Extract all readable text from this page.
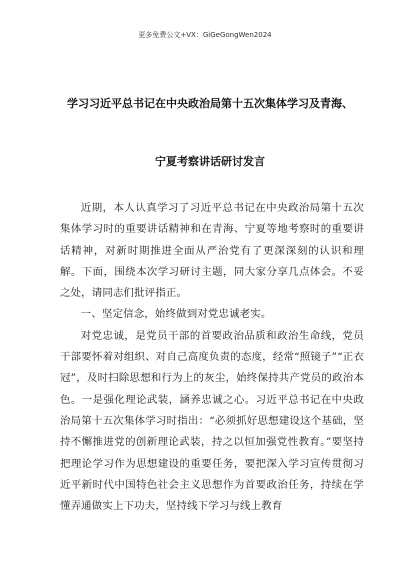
更多免费公文+VX：GiGeGongWen2024
学习习近平总书记在中央政治局第十五次集体学习及青海、
宁夏考察讲话研讨发言

近期，本人认真学习了习近平总书记在中央政治局第十五次集体学习时的重要讲话精神和在青海、宁夏等地考察时的重要讲话精神，对新时期推进全面从严治党有了更深深刻的认识和理解。下面，围绕本次学习研讨主题，同大家分享几点体会。不妥之处，请同志们批评指正。

一、坚定信念，始终做到对党忠诚老实。

对党忠诚，是党员干部的首要政治品质和政治生命线，党员干部要怀着对组织、对自己高度负责的态度，经常“照镜子”“正衣冠”，及时扫除思想和行为上的灰尘，始终保持共产党员的政治本色。一是强化理论武装，涵养忠诚之心。习近平总书记在中央政治局第十五次集体学习时指出：“必须抓好思想建设这个基础，坚持不懈推进党的创新理论武装，持之以恒加强党性教育。”要坚持把理论学习作为思想建设的重要任务，要把深入学习宣传贯彻习近平新时代中国特色社会主义思想作为首要政治任务，持续在学懂弄通做实上下功夫，坚持线下学习与线上教育
